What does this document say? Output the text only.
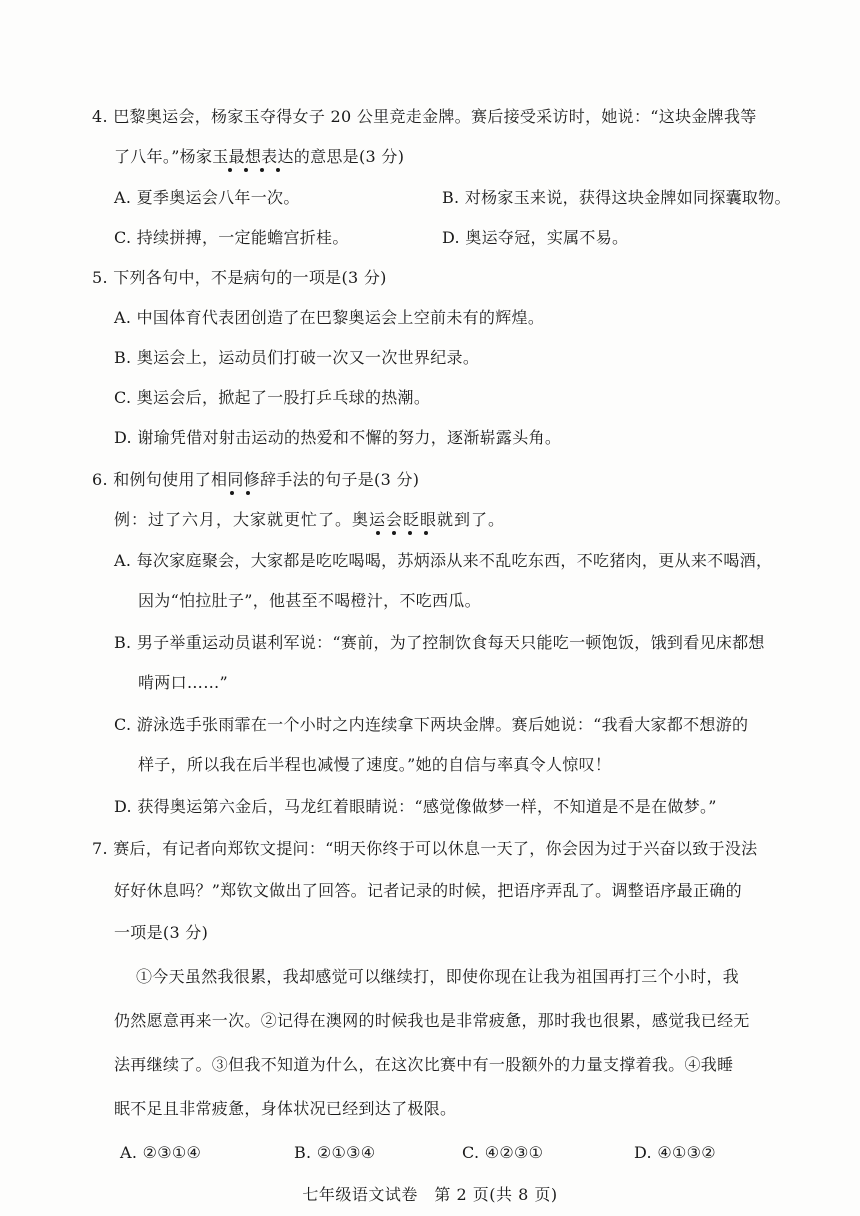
4. 巴黎奥运会，杨家玉夺得女子 20 公里竞走金牌。赛后接受采访时，她说：“这块金牌我等
了八年。”杨家玉最想表达的意思是(3 分)
A. 夏季奥运会八年一次。	B. 对杨家玉来说，获得这块金牌如同探囊取物。
C. 持续拼搏，一定能蟾宫折桂。	D. 奥运夺冠，实属不易。
5. 下列各句中，不是病句的一项是(3 分)
A. 中国体育代表团创造了在巴黎奥运会上空前未有的辉煌。
B. 奥运会上，运动员们打破一次又一次世界纪录。
C. 奥运会后，掀起了一股打乒乓球的热潮。
D. 谢瑜凭借对射击运动的热爱和不懈的努力，逐渐崭露头角。
6. 和例句使用了相同修辞手法的句子是(3 分)
例：过了六月，大家就更忙了。奥运会眨眼就到了。
A. 每次家庭聚会，大家都是吃吃喝喝，苏炳添从来不乱吃东西，不吃猪肉，更从来不喝酒，
因为“怕拉肚子”，他甚至不喝橙汁，不吃西瓜。
B. 男子举重运动员谌利军说：“赛前，为了控制饮食每天只能吃一顿饱饭，饿到看见床都想
啃两口……”
C. 游泳选手张雨霏在一个小时之内连续拿下两块金牌。赛后她说：“我看大家都不想游的
样子，所以我在后半程也减慢了速度。”她的自信与率真令人惊叹！
D. 获得奥运第六金后，马龙红着眼睛说：“感觉像做梦一样，不知道是不是在做梦。”
7. 赛后，有记者向郑钦文提问：“明天你终于可以休息一天了，你会因为过于兴奋以致于没法
好好休息吗？”郑钦文做出了回答。记者记录的时候，把语序弄乱了。调整语序最正确的
一项是(3 分)
①今天虽然我很累，我却感觉可以继续打，即使你现在让我为祖国再打三个小时，我
仍然愿意再来一次。②记得在澳网的时候我也是非常疲惫，那时我也很累，感觉我已经无
法再继续了。③但我不知道为什么，在这次比赛中有一股额外的力量支撑着我。④我睡
眠不足且非常疲惫，身体状况已经到达了极限。
A. ②③①④	B. ②①③④	C. ④②③①	D. ④①③②
七年级语文试卷　第 2 页(共 8 页)
